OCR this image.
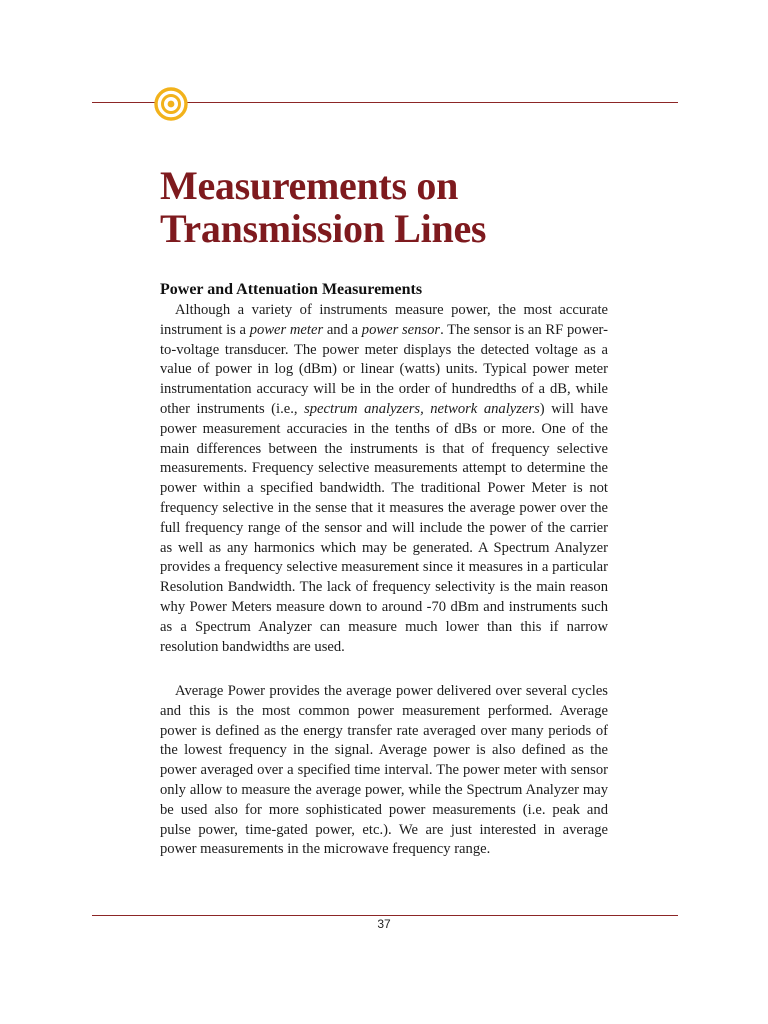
Measurements on
Transmission Lines
Power and Attenuation Measurements

Although a variety of instruments measure power, the most accurate instrument is a power meter and a power sensor. The sensor is an RF power-to-voltage transducer. The power meter displays the detected voltage as a value of power in log (dBm) or linear (watts) units. Typical power meter instrumentation accuracy will be in the order of hundredths of a dB, while other instruments (i.e., spectrum analyzers, network analyzers) will have power measurement accuracies in the tenths of dBs or more. One of the main differences between the instruments is that of frequency selective measurements. Frequency selective measurements attempt to determine the power within a specified bandwidth. The traditional Power Meter is not frequency selective in the sense that it measures the average power over the full frequency range of the sensor and will include the power of the carrier as well as any harmonics which may be generated. A Spectrum Analyzer provides a frequency selective measurement since it measures in a particular Resolution Bandwidth. The lack of frequency selectivity is the main reason why Power Meters measure down to around -70 dBm and instruments such as a Spectrum Analyzer can measure much lower than this if narrow resolution bandwidths are used.

Average Power provides the average power delivered over several cycles and this is the most common power measurement performed. Average power is defined as the energy transfer rate averaged over many periods of the lowest frequency in the signal. Average power is also defined as the power averaged over a specified time interval. The power meter with sensor only allow to measure the average power, while the Spectrum Analyzer may be used also for more sophisticated power measurements (i.e. peak and pulse power, time-gated power, etc.). We are just interested in average power measurements in the microwave frequency range.

37
